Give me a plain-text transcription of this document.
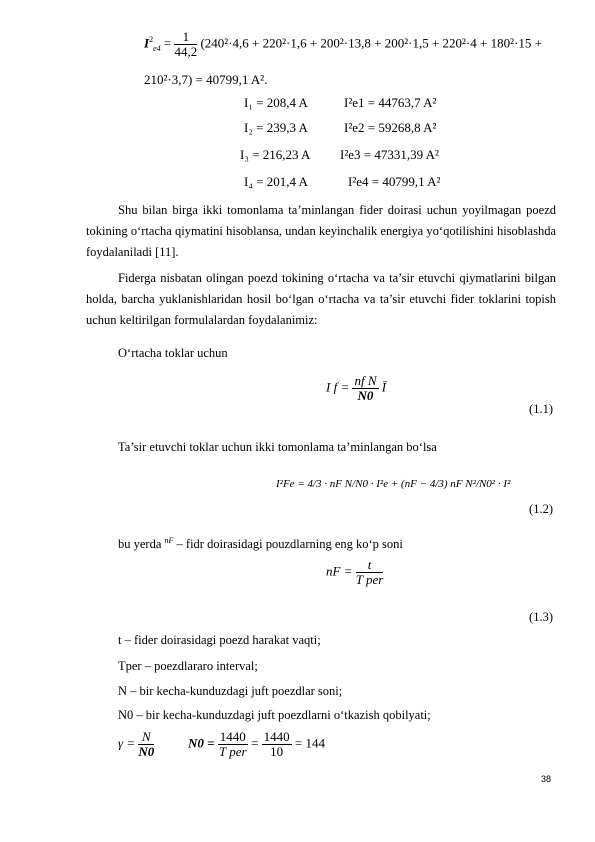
$I^2_{e4} = \frac{1}{44,2} (240^2\cdot 4,6 + 220^2\cdot 1,6 + 200^2\cdot 13,8 + 200^2\cdot 1,5 + 220^2\cdot 4 + 180^2\cdot 15$ +
210²·3,7) = 40799,1 A².
I₁ = 208,4 A	I²e1 = 44763,7 A²
I₂ = 239,3 A	I²e2 = 59268,8 A²
I₃ = 216,23 A I²e3 = 47331,39 A²
I₄ = 201,4 A	I²e4 = 40799,1 A²
Shu bilan birga ikki tomonlama ta’minlangan fider doirasi uchun yoyilmagan poezd tokining o‘rtacha qiymatini hisoblansa, undan keyinchalik energiya yo‘qotilishini hisoblashda foydalaniladi [11].
Fiderga nisbatan olingan poezd tokining o‘rtacha va ta’sir etuvchi qiymatlarini bilgan holda, barcha yuklanishlaridan hosil bo‘lgan o‘rtacha va ta’sir etuvchi fider toklarini topish uchun keltirilgan formulalardan foydalanimiz:
O‘rtacha toklar uchun
I $f = \frac{\text{nf N}}{N0}$ Ī
(1.1)
Ta’sir etuvchi toklar uchun ikki tomonlama ta’minlangan bo‘lsa
I²Fe = 4/3 · nF N/N0 · I²e + (nF − 4/3) nF N²/N0² · I²
(1.2)
bu yerda $^{nF}$ – fidr doirasidagi pouzdlarning eng ko‘p soni
nF = $\frac{t}{\text{T per}}$
(1.3)
t – fider doirasidagi poezd harakat vaqti;
Tper – poezdlararo interval;
N – bir kecha-kunduzdagi juft poezdlar soni;
N0 – bir kecha-kunduzdagi juft poezdlarni o‘tkazish qobilyati;
$\gamma = \frac{N}{N0}$	$N0 = \frac{1440}{\text{T per}} = \frac{1440}{10} = 144$
38
